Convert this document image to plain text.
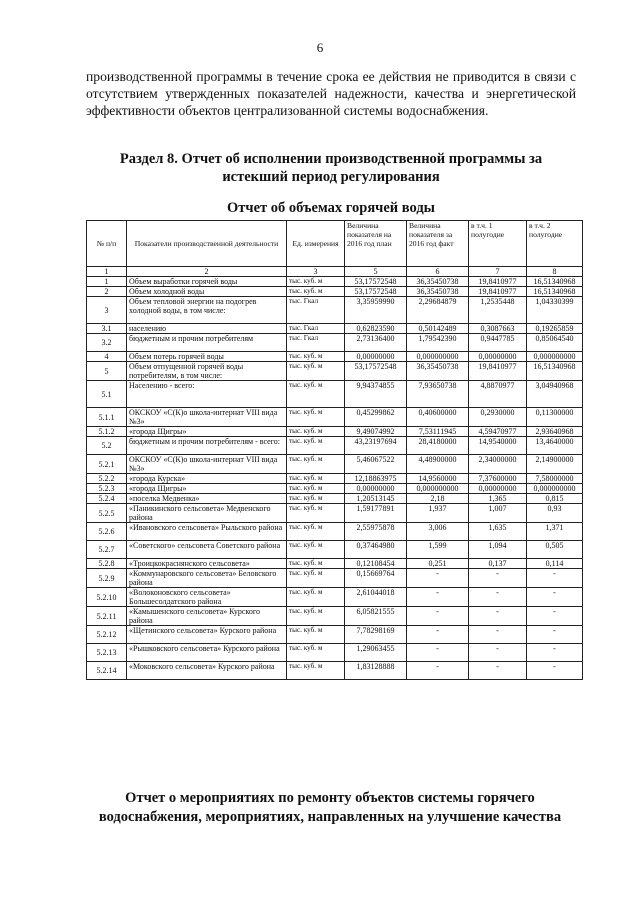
6
производственной программы в течение срока ее действия не приводится в связи с отсутствием утвержденных показателей надежности, качества и энергетической эффективности объектов централизованной системы водоснабжения.
Раздел 8. Отчет об исполнении производственной программы за истекший период регулирования
Отчет об объемах горячей воды
№ п/п	Показатели производственной деятельности	Ед. измерения	Величина показателя на 2016 год план	Величина показателя за 2016 год факт	в т.ч. 1 полугодие	в т.ч. 2 полугодие
1	2	3	5	6	7	8
1	Объем выработки горячей воды	тыс. куб. м	53,17572548	36,35450738	19,8410977	16,51340968
2	Объем холодной воды	тыс. куб. м	53,17572548	36,35450738	19,8410977	16,51340968
3	Объем тепловой энергии на подогрев холодной воды, в том числе:	тыс. Гкал	3,35959990	2,29684879	1,2535448	1,04330399
3.1	населению	тыс. Гкал	0,62823590	0,50142489	0,3087663	0,19265859
3.2	бюджетным и прочим потребителям	тыс. Гкал	2,73136400	1,79542390	0,9447785	0,85064540
4	Объем потерь горячей воды	тыс. куб. м	0,00000000	0,000000000	0,00000000	0,000000000
5	Объем отпущенной горячей воды потребителям, в том числе:	тыс. куб. м	53,17572548	36,35450738	19,8410977	16,51340968
5.1	Населению - всего:	тыс. куб. м	9,94374855	7,93650738	4,8870977	3,04940968
5.1.1	ОКСКОУ «С(К)о школа-интернат VIII вида №3»	тыс. куб. м	0,45299862	0,40600000	0,2930000	0,11300000
5.1.2	«города Щигры»	тыс. куб. м	9,49074992	7,53111945	4,59470977	2,93640968
5.2	бюджетным и прочим потребителям - всего:	тыс. куб. м	43,23197694	28,4180000	14,9540000	13,4640000
5.2.1	ОКСКОУ «С(К)о школа-интернат VIII вида №3»	тыс. куб. м	5,46067522	4,48900000	2,34000000	2,14900000
5.2.2	«города Курска»	тыс. куб. м	12,18863975	14,9560000	7,37600000	7,58000000
5.2.3	«города Щигры»	тыс. куб. м	0,00000000	0,000000000	0,00000000	0,000000000
5.2.4	«поселка Медвенка»	тыс. куб. м	1,20513145	2,18	1,365	0,815
5.2.5	«Паникинского сельсовета» Медвенского района	тыс. куб. м	1,59177891	1,937	1,007	0,93
5.2.6	«Ивановского сельсовета» Рыльского района	тыс. куб. м	2,55975878	3,006	1,635	1,371
5.2.7	«Советского» сельсовета Советского района	тыс. куб. м	0,37464980	1,599	1,094	0,505
5.2.8	«Троицкокраснянского сельсовета»	тыс. куб. м	0,12108454	0,251	0,137	0,114
5.2.9	«Коммунаровского сельсовета» Беловского района	тыс. куб. м	0,15669764	-	-	-
5.2.10	«Волоконовского сельсовета» Большесолдатского района	тыс. куб. м	2,61044018	-	-	-
5.2.11	«Камышенского сельсовета» Курского района	тыс. куб. м	6,05821555	-	-	-
5.2.12	«Щетинского сельсовета» Курского района	тыс. куб. м	7,78298169	-	-	-
5.2.13	«Рышковского сельсовета» Курского района	тыс. куб. м	1,29063455	-	-	-
5.2.14	«Моковского сельсовета» Курского района	тыс. куб. м	1,83128888	-	-	-
Отчет о мероприятиях по ремонту объектов системы горячего водоснабжения, мероприятиях, направленных на улучшение качества
